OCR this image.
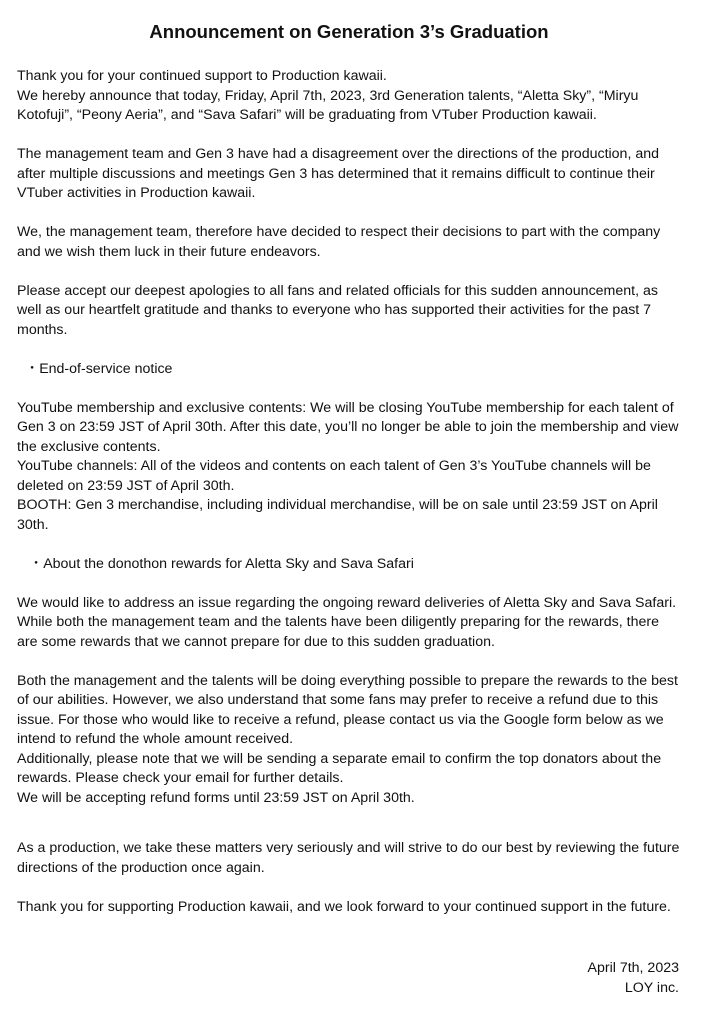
Announcement on Generation 3’s Graduation

Thank you for your continued support to Production kawaii.

We hereby announce that today, Friday, April 7th, 2023, 3rd Generation talents, “Aletta Sky”, “Miryu Kotofuji”, “Peony Aeria”, and “Sava Safari” will be graduating from VTuber Production kawaii.

The management team and Gen 3 have had a disagreement over the directions of the production, and after multiple discussions and meetings Gen 3 has determined that it remains difficult to continue their VTuber activities in Production kawaii.

We, the management team, therefore have decided to respect their decisions to part with the company and we wish them luck in their future endeavors.

Please accept our deepest apologies to all fans and related officials for this sudden announcement, as well as our heartfelt gratitude and thanks to everyone who has supported their activities for the past 7 months.

・End-of-service notice

YouTube membership and exclusive contents: We will be closing YouTube membership for each talent of Gen 3 on 23:59 JST of April 30th. After this date, you’ll no longer be able to join the membership and view the exclusive contents.

YouTube channels: All of the videos and contents on each talent of Gen 3’s YouTube channels will be deleted on 23:59 JST of April 30th.

BOOTH: Gen 3 merchandise, including individual merchandise, will be on sale until 23:59 JST on April 30th.

・About the donothon rewards for Aletta Sky and Sava Safari

We would like to address an issue regarding the ongoing reward deliveries of Aletta Sky and Sava Safari. While both the management team and the talents have been diligently preparing for the rewards, there are some rewards that we cannot prepare for due to this sudden graduation.

Both the management and the talents will be doing everything possible to prepare the rewards to the best of our abilities. However, we also understand that some fans may prefer to receive a refund due to this issue. For those who would like to receive a refund, please contact us via the Google form below as we intend to refund the whole amount received.

Additionally, please note that we will be sending a separate email to confirm the top donators about the rewards. Please check your email for further details.

We will be accepting refund forms until 23:59 JST on April 30th.

As a production, we take these matters very seriously and will strive to do our best by reviewing the future directions of the production once again.

Thank you for supporting Production kawaii, and we look forward to your continued support in the future.

April 7th, 2023
LOY inc.
